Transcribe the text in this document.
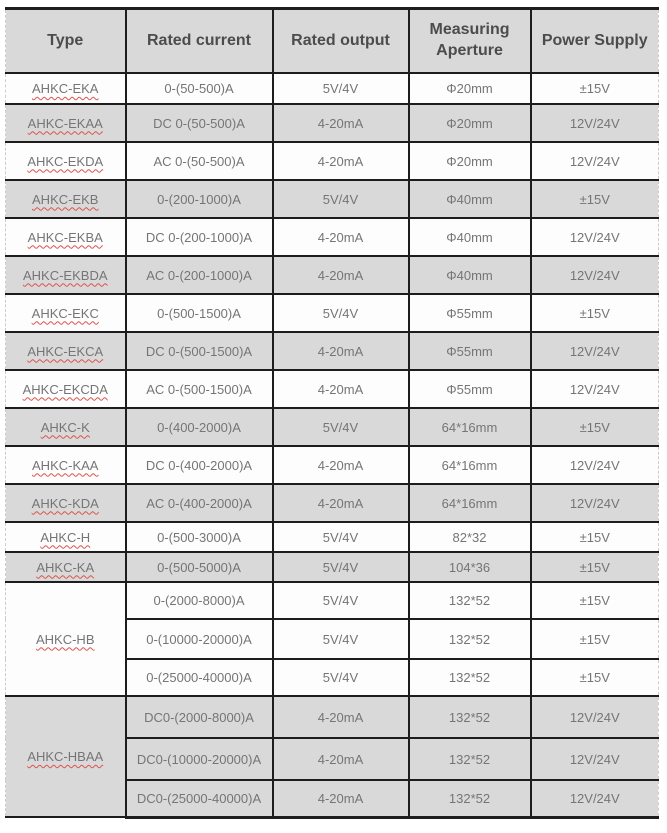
Type	Rated current	Rated output	Measuring Aperture	Power Supply
AHKC-EKA	0-(50-500)A	5V/4V	Φ20mm	±15V
AHKC-EKAA	DC 0-(50-500)A	4-20mA	Φ20mm	12V/24V
AHKC-EKDA	AC 0-(50-500)A	4-20mA	Φ20mm	12V/24V
AHKC-EKB	0-(200-1000)A	5V/4V	Φ40mm	±15V
AHKC-EKBA	DC 0-(200-1000)A	4-20mA	Φ40mm	12V/24V
AHKC-EKBDA	AC 0-(200-1000)A	4-20mA	Φ40mm	12V/24V
AHKC-EKC	0-(500-1500)A	5V/4V	Φ55mm	±15V
AHKC-EKCA	DC 0-(500-1500)A	4-20mA	Φ55mm	12V/24V
AHKC-EKCDA	AC 0-(500-1500)A	4-20mA	Φ55mm	12V/24V
AHKC-K	0-(400-2000)A	5V/4V	64*16mm	±15V
AHKC-KAA	DC 0-(400-2000)A	4-20mA	64*16mm	12V/24V
AHKC-KDA	AC 0-(400-2000)A	4-20mA	64*16mm	12V/24V
AHKC-H	0-(500-3000)A	5V/4V	82*32	±15V
AHKC-KA	0-(500-5000)A	5V/4V	104*36	±15V
AHKC-HB	0-(2000-8000)A	5V/4V	132*52	±15V
	0-(10000-20000)A	5V/4V	132*52	±15V
	0-(25000-40000)A	5V/4V	132*52	±15V
AHKC-HBAA	DC0-(2000-8000)A	4-20mA	132*52	12V/24V
	DC0-(10000-20000)A	4-20mA	132*52	12V/24V
	DC0-(25000-40000)A	4-20mA	132*52	12V/24V
